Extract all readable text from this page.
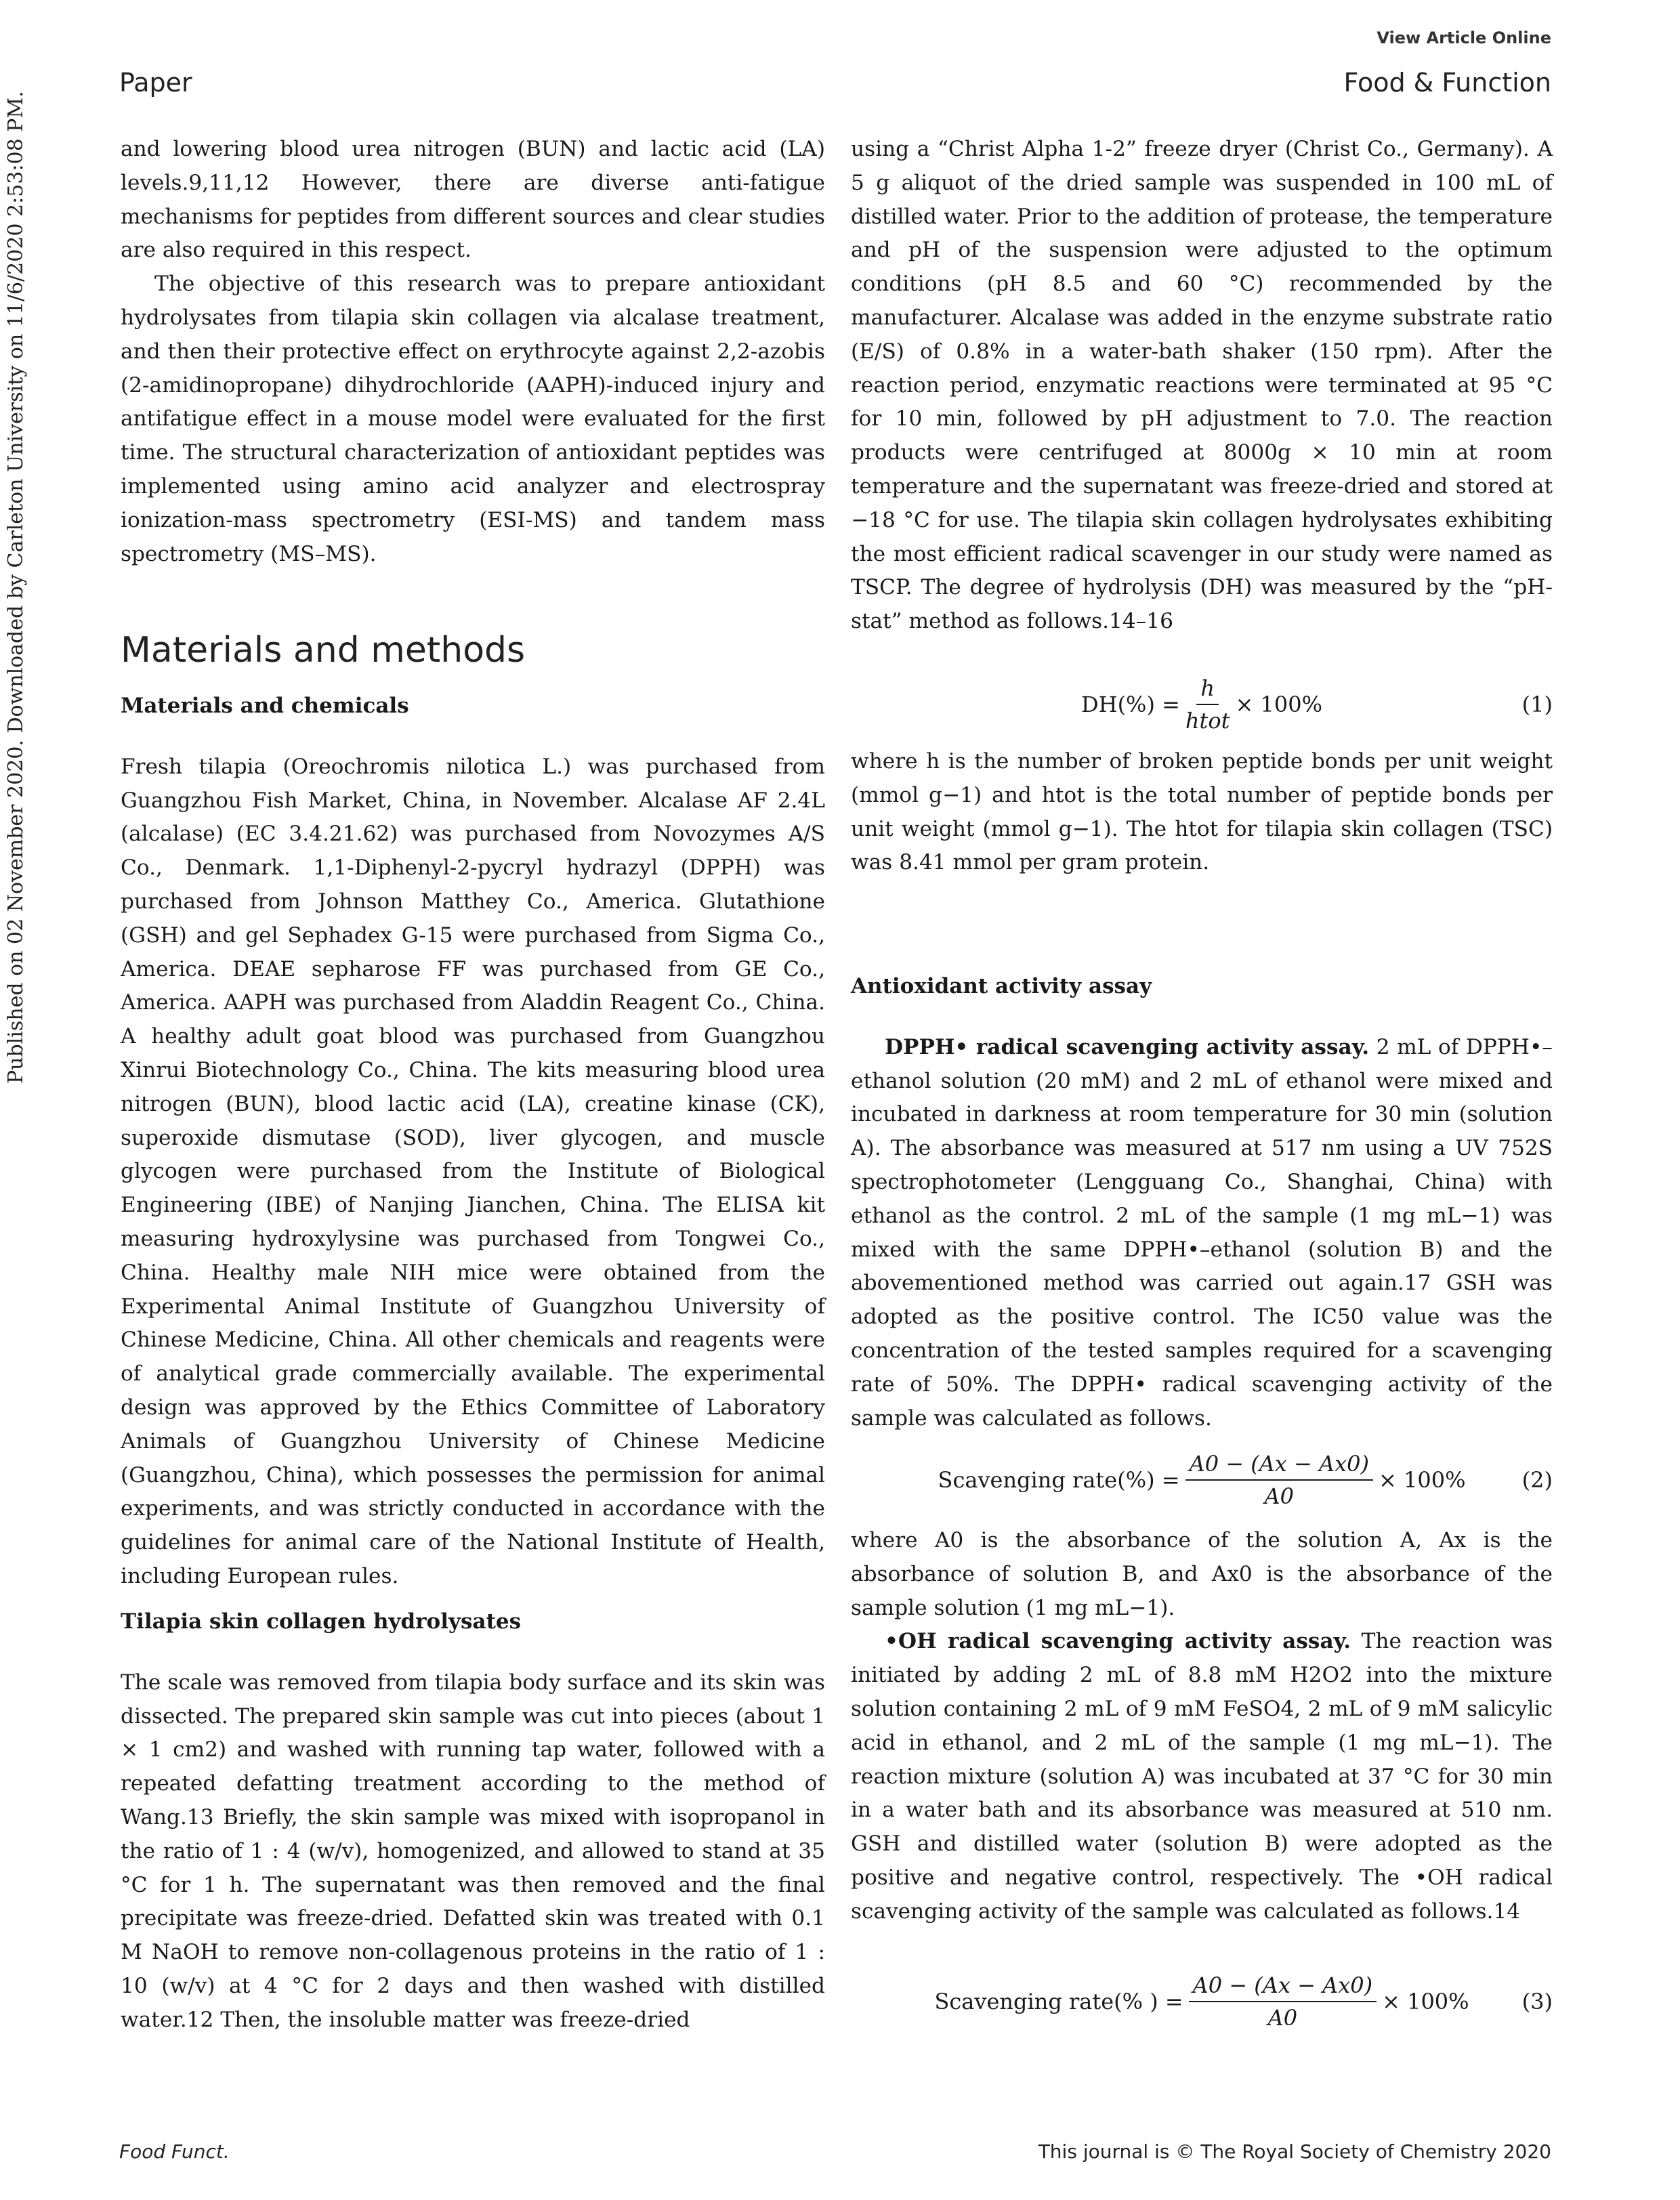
View Article Online
Paper	Food & Function
Published on 02 November 2020. Downloaded by Carleton University on 11/6/2020 2:53:08 PM.	and lowering blood urea nitrogen (BUN) and lactic acid (LA) levels.9,11,12 However, there are diverse anti-fatigue mechanisms for peptides from different sources and clear studies are also required in this respect.

The objective of this research was to prepare antioxidant hydrolysates from tilapia skin collagen via alcalase treatment, and then their protective effect on erythrocyte against 2,2-azobis (2-amidinopropane) dihydrochloride (AAPH)-induced injury and antifatigue effect in a mouse model were evaluated for the first time. The structural characterization of antioxidant peptides was implemented using amino acid analyzer and electrospray ionization-mass spectrometry (ESI-MS) and tandem mass spectrometry (MS–MS).

Materials and methods
Materials and chemicals

Fresh tilapia (Oreochromis nilotica L.) was purchased from Guangzhou Fish Market, China, in November. Alcalase AF 2.4L (alcalase) (EC 3.4.21.62) was purchased from Novozymes A/S Co., Denmark. 1,1-Diphenyl-2-pycryl hydrazyl (DPPH) was purchased from Johnson Matthey Co., America. Glutathione (GSH) and gel Sephadex G-15 were purchased from Sigma Co., America. DEAE sepharose FF was purchased from GE Co., America. AAPH was purchased from Aladdin Reagent Co., China. A healthy adult goat blood was purchased from Guangzhou Xinrui Biotechnology Co., China. The kits measuring blood urea nitrogen (BUN), blood lactic acid (LA), creatine kinase (CK), superoxide dismutase (SOD), liver glycogen, and muscle glycogen were purchased from the Institute of Biological Engineering (IBE) of Nanjing Jianchen, China. The ELISA kit measuring hydroxylysine was purchased from Tongwei Co., China. Healthy male NIH mice were obtained from the Experimental Animal Institute of Guangzhou University of Chinese Medicine, China. All other chemicals and reagents were of analytical grade commercially available. The experimental design was approved by the Ethics Committee of Laboratory Animals of Guangzhou University of Chinese Medicine (Guangzhou, China), which possesses the permission for animal experiments, and was strictly conducted in accordance with the guidelines for animal care of the National Institute of Health, including European rules.

Tilapia skin collagen hydrolysates

The scale was removed from tilapia body surface and its skin was dissected. The prepared skin sample was cut into pieces (about 1 × 1 cm2) and washed with running tap water, followed with a repeated defatting treatment according to the method of Wang.13 Briefly, the skin sample was mixed with isopropanol in the ratio of 1 : 4 (w/v), homogenized, and allowed to stand at 35 °C for 1 h. The supernatant was then removed and the final precipitate was freeze-dried. Defatted skin was treated with 0.1 M NaOH to remove non-collagenous proteins in the ratio of 1 : 10 (w/v) at 4 °C for 2 days and then washed with distilled water.12 Then, the insoluble matter was freeze-dried

using a “Christ Alpha 1-2” freeze dryer (Christ Co., Germany). A 5 g aliquot of the dried sample was suspended in 100 mL of distilled water. Prior to the addition of protease, the temperature and pH of the suspension were adjusted to the optimum conditions (pH 8.5 and 60 °C) recommended by the manufacturer. Alcalase was added in the enzyme substrate ratio (E/S) of 0.8% in a water-bath shaker (150 rpm). After the reaction period, enzymatic reactions were terminated at 95 °C for 10 min, followed by pH adjustment to 7.0. The reaction products were centrifuged at 8000g × 10 min at room temperature and the supernatant was freeze-dried and stored at −18 °C for use. The tilapia skin collagen hydrolysates exhibiting the most efficient radical scavenger in our study were named as TSCP. The degree of hydrolysis (DH) was measured by the “pH-stat” method as follows.14–16

$DH(\%) = \frac{h}{\text{htot}} \times 100\%$	(1)

where h is the number of broken peptide bonds per unit weight (mmol g−1) and htot is the total number of peptide bonds per unit weight (mmol g−1). The htot for tilapia skin collagen (TSC) was 8.41 mmol per gram protein.

Antioxidant activity assay

DPPH• radical scavenging activity assay. 2 mL of DPPH•–ethanol solution (20 mM) and 2 mL of ethanol were mixed and incubated in darkness at room temperature for 30 min (solution A). The absorbance was measured at 517 nm using a UV 752S spectrophotometer (Lengguang Co., Shanghai, China) with ethanol as the control. 2 mL of the sample (1 mg mL−1) was mixed with the same DPPH•–ethanol (solution B) and the abovementioned method was carried out again.17 GSH was adopted as the positive control. The IC50 value was the concentration of the tested samples required for a scavenging rate of 50%. The DPPH• radical scavenging activity of the sample was calculated as follows.

Scavenging rate(%) = $\frac{A0 - (Ax - Ax0)}{A0} \times 100\%$	(2)

where A0 is the absorbance of the solution A, Ax is the absorbance of solution B, and Ax0 is the absorbance of the sample solution (1 mg mL−1).

•OH radical scavenging activity assay. The reaction was initiated by adding 2 mL of 8.8 mM H2O2 into the mixture solution containing 2 mL of 9 mM FeSO4, 2 mL of 9 mM salicylic acid in ethanol, and 2 mL of the sample (1 mg mL−1). The reaction mixture (solution A) was incubated at 37 °C for 30 min in a water bath and its absorbance was measured at 510 nm. GSH and distilled water (solution B) were adopted as the positive and negative control, respectively. The •OH radical scavenging activity of the sample was calculated as follows.14

Scavenging rate(% ) = $\frac{A0 - (Ax - Ax0)}{A0} \times 100\%$ (3)
Food Funct.	This journal is © The Royal Society of Chemistry 2020
